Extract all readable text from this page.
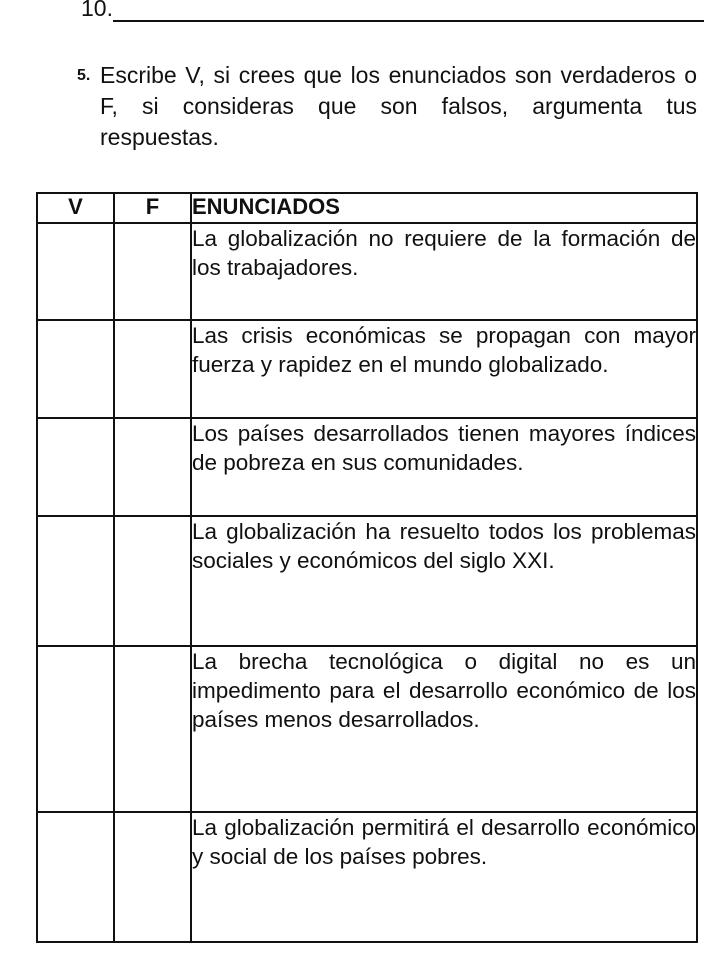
10.
5. Escribe V, si crees que los enunciados son verdaderos o F, si consideras que son falsos, argumenta tus respuestas.
V	F	ENUNCIADOS
		La globalización no requiere de la formación de los trabajadores.
		Las crisis económicas se propagan con mayor fuerza y rapidez en el mundo globalizado.
		Los países desarrollados tienen mayores índices de pobreza en sus comunidades.
		La globalización ha resuelto todos los problemas sociales y económicos del siglo XXI.
		La brecha tecnológica o digital no es un impedimento para el desarrollo económico de los países menos desarrollados.
		La globalización permitirá el desarrollo económico y social de los países pobres.
